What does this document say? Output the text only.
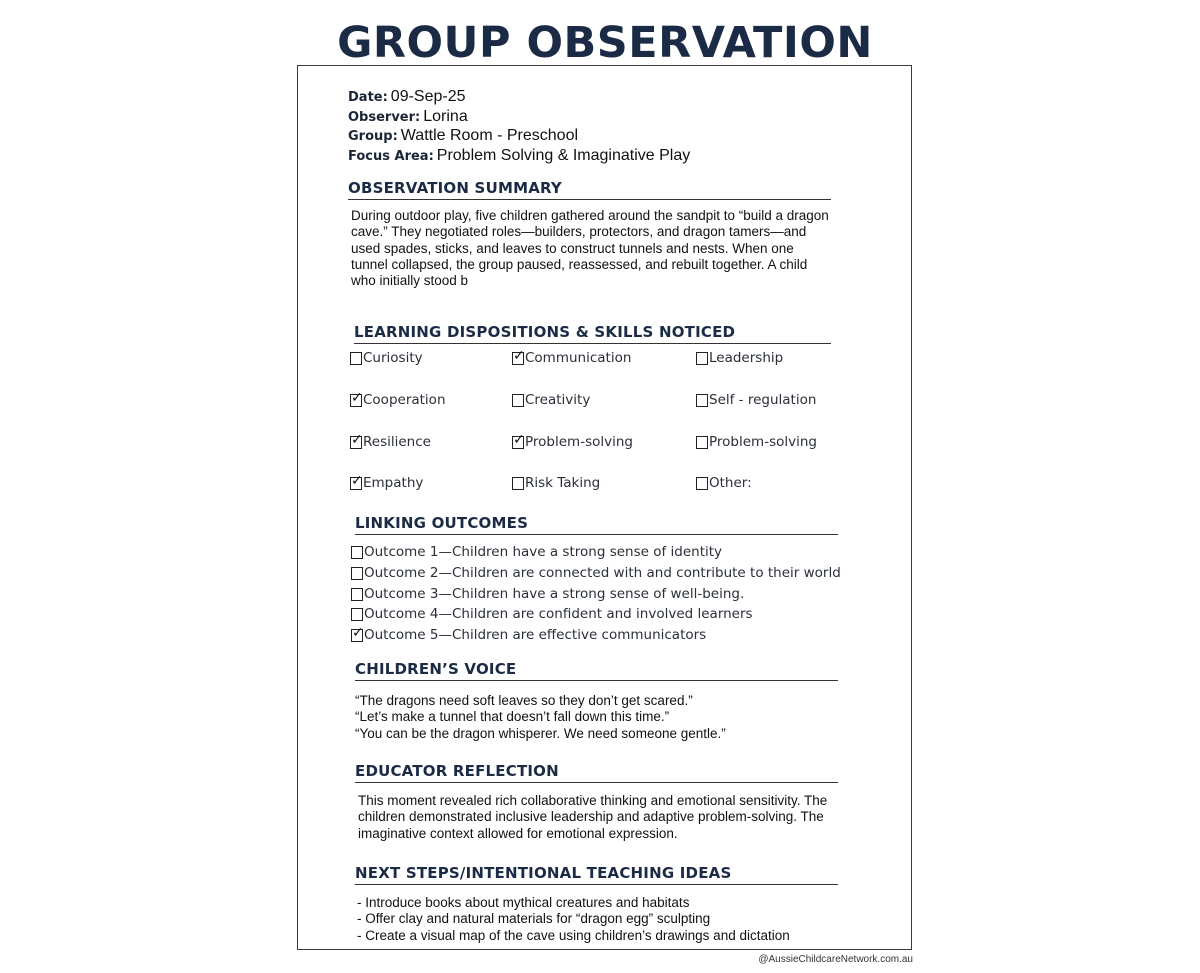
GROUP OBSERVATION
Date: 09-Sep-25
Observer: Lorina
Group: Wattle Room - Preschool
Focus Area: Problem Solving & Imaginative Play
OBSERVATION SUMMARY
During outdoor play, five children gathered around the sandpit to “build a dragon
cave.” They negotiated roles—builders, protectors, and dragon tamers—and
used spades, sticks, and leaves to construct tunnels and nests. When one
tunnel collapsed, the group paused, reassessed, and rebuilt together. A child
who initially stood b
LEARNING DISPOSITIONS & SKILLS NOTICED
Curiosity	✓ Communication	Leadership
✓ Cooperation	Creativity	Self - regulation
✓ Resilience	✓ Problem-solving	Problem-solving
✓ Empathy	Risk Taking	Other:
LINKING OUTCOMES
Outcome 1—Children have a strong sense of identity
Outcome 2—Children are connected with and contribute to their world
Outcome 3—Children have a strong sense of well-being.
Outcome 4—Children are confident and involved learners
✓ Outcome 5—Children are effective communicators
CHILDREN’S VOICE
“The dragons need soft leaves so they don’t get scared.”
“Let’s make a tunnel that doesn’t fall down this time.”
“You can be the dragon whisperer. We need someone gentle.”
EDUCATOR REFLECTION
This moment revealed rich collaborative thinking and emotional sensitivity. The
children demonstrated inclusive leadership and adaptive problem-solving. The
imaginative context allowed for emotional expression.
NEXT STEPS/INTENTIONAL TEACHING IDEAS
- Introduce books about mythical creatures and habitats
- Offer clay and natural materials for “dragon egg” sculpting
- Create a visual map of the cave using children’s drawings and dictation
@AussieChildcareNetwork.com.au
